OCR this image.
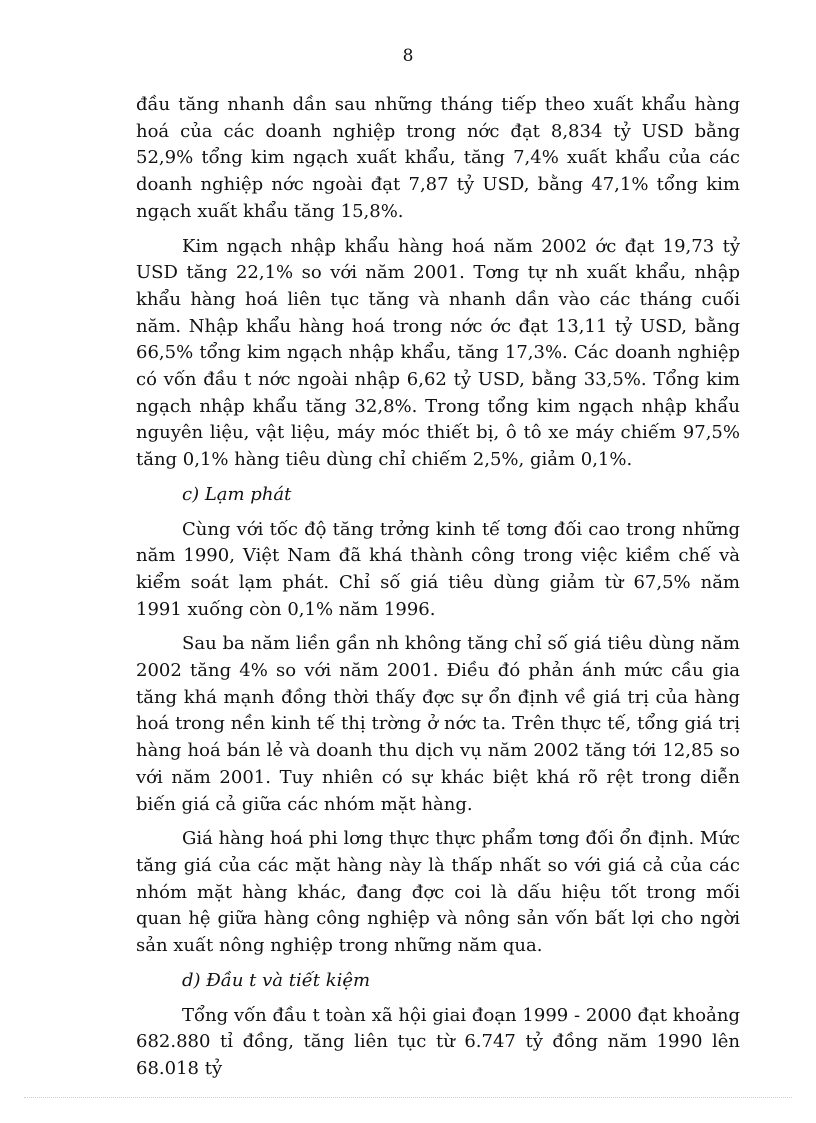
8

đầu tăng nhanh dần sau những tháng tiếp theo xuất khẩu hàng hoá của các doanh nghiệp trong nớc đạt 8,834 tỷ USD bằng 52,9% tổng kim ngạch xuất khẩu, tăng 7,4% xuất khẩu của các doanh nghiệp nớc ngoài đạt 7,87 tỷ USD, bằng 47,1% tổng kim ngạch xuất khẩu tăng 15,8%.

Kim ngạch nhập khẩu hàng hoá năm 2002 ớc đạt 19,73 tỷ USD tăng 22,1% so với năm 2001. Tơng tự nh xuất khẩu, nhập khẩu hàng hoá liên tục tăng và nhanh dần vào các tháng cuối năm. Nhập khẩu hàng hoá trong nớc ớc đạt 13,11 tỷ USD, bằng 66,5% tổng kim ngạch nhập khẩu, tăng 17,3%. Các doanh nghiệp có vốn đầu t nớc ngoài nhập 6,62 tỷ USD, bằng 33,5%. Tổng kim ngạch nhập khẩu tăng 32,8%. Trong tổng kim ngạch nhập khẩu nguyên liệu, vật liệu, máy móc thiết bị, ô tô xe máy chiếm 97,5% tăng 0,1% hàng tiêu dùng chỉ chiếm 2,5%, giảm 0,1%.

c) Lạm phát

Cùng với tốc độ tăng trởng kinh tế tơng đối cao trong những năm 1990, Việt Nam đã khá thành công trong việc kiềm chế và kiểm soát lạm phát. Chỉ số giá tiêu dùng giảm từ 67,5% năm 1991 xuống còn 0,1% năm 1996.

Sau ba năm liền gần nh không tăng chỉ số giá tiêu dùng năm 2002 tăng 4% so với năm 2001. Điều đó phản ánh mức cầu gia tăng khá mạnh đồng thời thấy đợc sự ổn định về giá trị của hàng hoá trong nền kinh tế thị trờng ở nớc ta. Trên thực tế, tổng giá trị hàng hoá bán lẻ và doanh thu dịch vụ năm 2002 tăng tới 12,85 so với năm 2001. Tuy nhiên có sự khác biệt khá rõ rệt trong diễn biến giá cả giữa các nhóm mặt hàng.

Giá hàng hoá phi lơng thực thực phẩm tơng đối ổn định. Mức tăng giá của các mặt hàng này là thấp nhất so với giá cả của các nhóm mặt hàng khác, đang đợc coi là dấu hiệu tốt trong mối quan hệ giữa hàng công nghiệp và nông sản vốn bất lợi cho ngời sản xuất nông nghiệp trong những năm qua.

d) Đầu t và tiết kiệm

Tổng vốn đầu t toàn xã hội giai đoạn 1999 - 2000 đạt khoảng 682.880 tỉ đồng, tăng liên tục từ 6.747 tỷ đồng năm 1990 lên 68.018 tỷ
